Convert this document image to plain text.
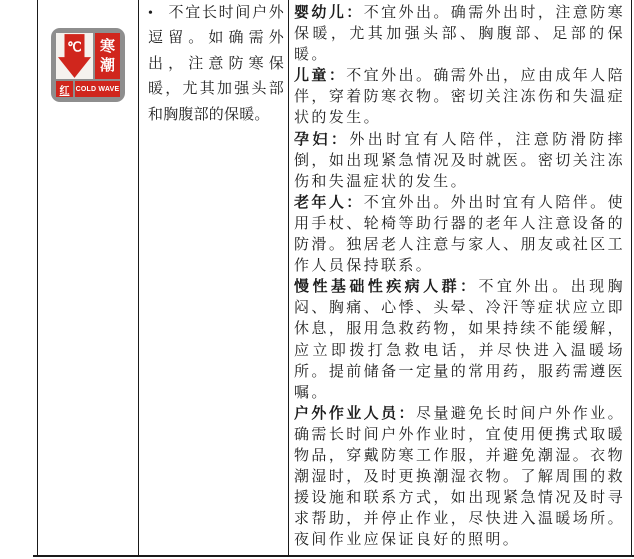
℃ 寒
潮
红 COLD WAVE

• 不宜长时间户外逗留。如确需外出，注意防寒保暖，尤其加强头部和胸腹部的保暖。

婴幼儿：不宜外出。确需外出时，注意防寒保暖，尤其加强头部、胸腹部、足部的保暖。

儿童：不宜外出。确需外出，应由成年人陪伴，穿着防寒衣物。密切关注冻伤和失温症状的发生。

孕妇：外出时宜有人陪伴，注意防滑防摔倒，如出现紧急情况及时就医。密切关注冻伤和失温症状的发生。

老年人：不宜外出。外出时宜有人陪伴。使用手杖、轮椅等助行器的老年人注意设备的防滑。独居老人注意与家人、朋友或社区工作人员保持联系。

慢性基础性疾病人群：不宜外出。出现胸闷、胸痛、心悸、头晕、冷汗等症状应立即休息，服用急救药物，如果持续不能缓解，应立即拨打急救电话，并尽快进入温暖场所。提前储备一定量的常用药，服药需遵医嘱。

户外作业人员：尽量避免长时间户外作业。确需长时间户外作业时，宜使用便携式取暖物品，穿戴防寒工作服，并避免潮湿。衣物潮湿时，及时更换潮湿衣物。了解周围的救援设施和联系方式，如出现紧急情况及时寻求帮助，并停止作业，尽快进入温暖场所。夜间作业应保证良好的照明。
